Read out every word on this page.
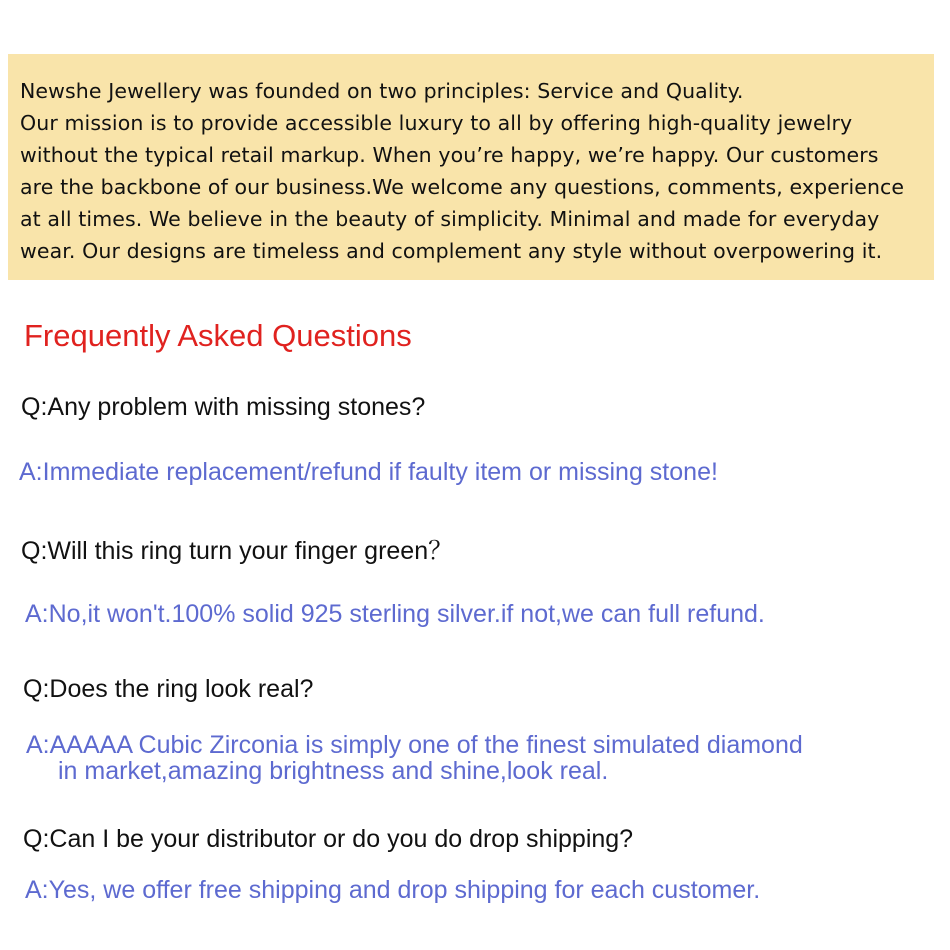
Newshe Jewellery was founded on two principles: Service and Quality.
Our mission is to provide accessible luxury to all by offering high-quality jewelry
without the typical retail markup. When you’re happy, we’re happy. Our customers
are the backbone of our business.We welcome any questions, comments, experience
at all times. We believe in the beauty of simplicity. Minimal and made for everyday
wear. Our designs are timeless and complement any style without overpowering it.
Frequently Asked Questions
Q:Any problem with missing stones?
A:Immediate replacement/refund if faulty item or missing stone!
Q:Will this ring turn your finger green？
A:No,it won't.100% solid 925 sterling silver.if not,we can full refund.
Q:Does the ring look real?
A:AAAAA Cubic Zirconia is simply one of the finest simulated diamond
in market,amazing brightness and shine,look real.
Q:Can I be your distributor or do you do drop shipping?
A:Yes, we offer free shipping and drop shipping for each customer.
